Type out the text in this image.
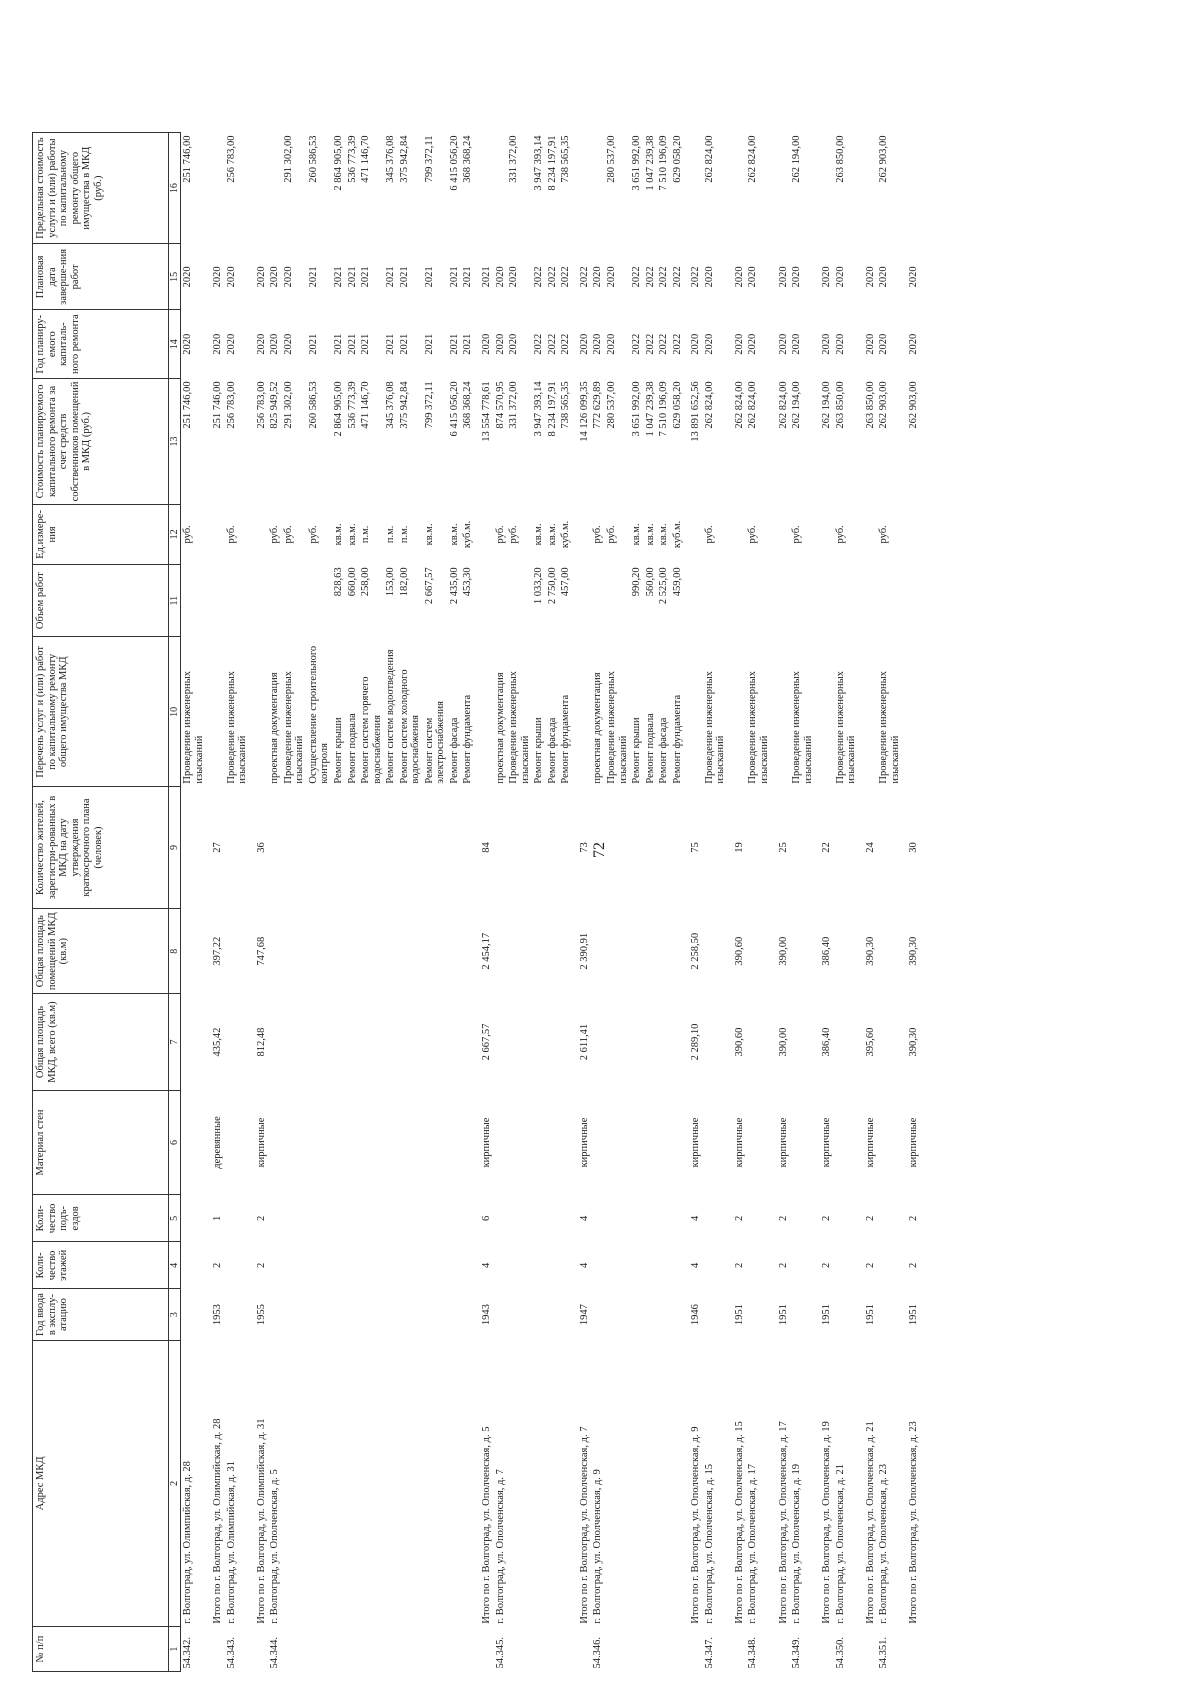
72
№ п/п	Адрес МКД	Год ввода в эксплу-атацию	Коли-чество этажей	Коли-чество подъ-ездов	Материал стен	Общая площадь МКД, всего (кв.м)	Общая площадь помещений МКД (кв.м)	Количество жителей, зарегистри-рованных в МКД на дату утверждения краткосрочного плана (человек)	Перечень услуг и (или) работ по капитальному ремонту общего имущества МКД	Объем работ	Ед.измере-ния	Стоимость планируемого капитального ремонта за счет средств собственников помещений в МКД (руб.)	Год планиру-емого капиталь-ного ремонта	Плановая дата заверше-ния работ	Предельная стоимость услуги и (или) работы по капитальному ремонту общего имущества в МКД (руб.)
1	2	3	4	5	6	7	8	9	10	11	12	13	14	15	16
54.342.	г. Волгоград, ул. Олимпийская, д. 28								Проведение инженерных изысканий		руб.	251 746,00	2020	2020	251 746,00
	Итого по г. Волгоград, ул. Олимпийская, д. 28	1953	2	1	деревянные	435,42	397,22	27				251 746,00	2020	2020	
54.343.	г. Волгоград, ул. Олимпийская, д. 31								Проведение инженерных изысканий		руб.	256 783,00	2020	2020	256 783,00
	Итого по г. Волгоград, ул. Олимпийская, д. 31	1955	2	2	кирпичные	812,48	747,68	36				256 783,00	2020	2020	
54.344.	г. Волгоград, ул. Ополченская, д. 5								проектная документация		руб.	825 949,52	2020	2020	
									Проведение инженерных изысканий		руб.	291 302,00	2020	2020	291 302,00
									Осуществление строительного контроля		руб.	260 586,53	2021	2021	260 586,53
									Ремонт крыши	828,63	кв.м.	2 864 905,00	2021	2021	2 864 905,00
									Ремонт подвала	660,00	кв.м.	536 773,39	2021	2021	536 773,39
									Ремонт систем горячего водоснабжения	258,00	п.м.	471 146,70	2021	2021	471 146,70
									Ремонт систем водоотведения	153,00	п.м.	345 376,08	2021	2021	345 376,08
									Ремонт систем холодного водоснабжения	182,00	п.м.	375 942,84	2021	2021	375 942,84
									Ремонт систем электроснабжения	2 667,57	кв.м.	799 372,11	2021	2021	799 372,11
									Ремонт фасада	2 435,00	кв.м.	6 415 056,20	2021	2021	6 415 056,20
									Ремонт фундамента	453,30	куб.м.	368 368,24	2021	2021	368 368,24
	Итого по г. Волгоград, ул. Ополченская, д. 5	1943	4	6	кирпичные	2 667,57	2 454,17	84				13 554 778,61	2020	2021	
54.345.	г. Волгоград, ул. Ополченская, д. 7								проектная документация		руб.	874 570,95	2020	2020	
									Проведение инженерных изысканий		руб.	331 372,00	2020	2020	331 372,00
									Ремонт крыши	1 033,20	кв.м.	3 947 393,14	2022	2022	3 947 393,14
									Ремонт фасада	2 750,00	кв.м.	8 234 197,91	2022	2022	8 234 197,91
									Ремонт фундамента	457,00	куб.м.	738 565,35	2022	2022	738 565,35
	Итого по г. Волгоград, ул. Ополченская, д. 7	1947	4	4	кирпичные	2 611,41	2 390,91	73				14 126 099,35	2020	2022	
54.346.	г. Волгоград, ул. Ополченская, д. 9								проектная документация		руб.	772 629,89	2020	2020	
									Проведение инженерных изысканий		руб.	280 537,00	2020	2020	280 537,00
									Ремонт крыши	990,20	кв.м.	3 651 992,00	2022	2022	3 651 992,00
									Ремонт подвала	560,00	кв.м.	1 047 239,38	2022	2022	1 047 239,38
									Ремонт фасада	2 525,00	кв.м.	7 510 196,09	2022	2022	7 510 196,09
									Ремонт фундамента	459,00	куб.м.	629 058,20	2022	2022	629 058,20
	Итого по г. Волгоград, ул. Ополченская, д. 9	1946	4	4	кирпичные	2 289,10	2 258,50	75				13 891 652,56	2020	2022	
54.347.	г. Волгоград, ул. Ополченская, д. 15								Проведение инженерных изысканий		руб.	262 824,00	2020	2020	262 824,00
	Итого по г. Волгоград, ул. Ополченская, д. 15	1951	2	2	кирпичные	390,60	390,60	19				262 824,00	2020	2020	
54.348.	г. Волгоград, ул. Ополченская, д. 17								Проведение инженерных изысканий		руб.	262 824,00	2020	2020	262 824,00
	Итого по г. Волгоград, ул. Ополченская, д. 17	1951	2	2	кирпичные	390,00	390,00	25				262 824,00	2020	2020	
54.349.	г. Волгоград, ул. Ополченская, д. 19								Проведение инженерных изысканий		руб.	262 194,00	2020	2020	262 194,00
	Итого по г. Волгоград, ул. Ополченская, д. 19	1951	2	2	кирпичные	386,40	386,40	22				262 194,00	2020	2020	
54.350.	г. Волгоград, ул. Ополченская, д. 21								Проведение инженерных изысканий		руб.	263 850,00	2020	2020	263 850,00
	Итого по г. Волгоград, ул. Ополченская, д. 21	1951	2	2	кирпичные	395,60	390,30	24				263 850,00	2020	2020	
54.351.	г. Волгоград, ул. Ополченская, д. 23								Проведение инженерных изысканий		руб.	262 903,00	2020	2020	262 903,00
	Итого по г. Волгоград, ул. Ополченская, д. 23	1951	2	2	кирпичные	390,30	390,30	30				262 903,00	2020	2020	
